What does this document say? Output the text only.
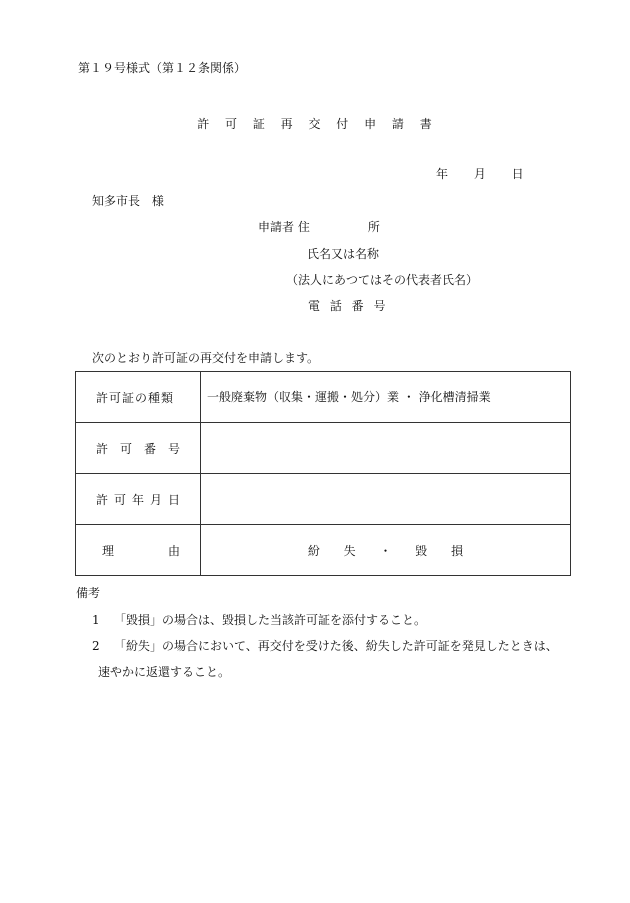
第１９号様式（第１２条関係）
許 可 証 再 交 付 申 請 書
年 月 日
知多市長 様
申請者 住	所
氏名又は名称
（法人にあつてはその代表者氏名）
電 話 番 号
次のとおり許可証の再交付を申請します。
許可証の種類	一般廃棄物（収集・運搬・処分）業 ・ 浄化槽清掃業

許 可 番 号	

許 可 年 月 日	

理 由	紛 失 ・ 毀 損
備考
1 「毀損」の場合は、毀損した当該許可証を添付すること。
2 「紛失」の場合において、再交付を受けた後、紛失した許可証を発見したときは、
速やかに返還すること。
